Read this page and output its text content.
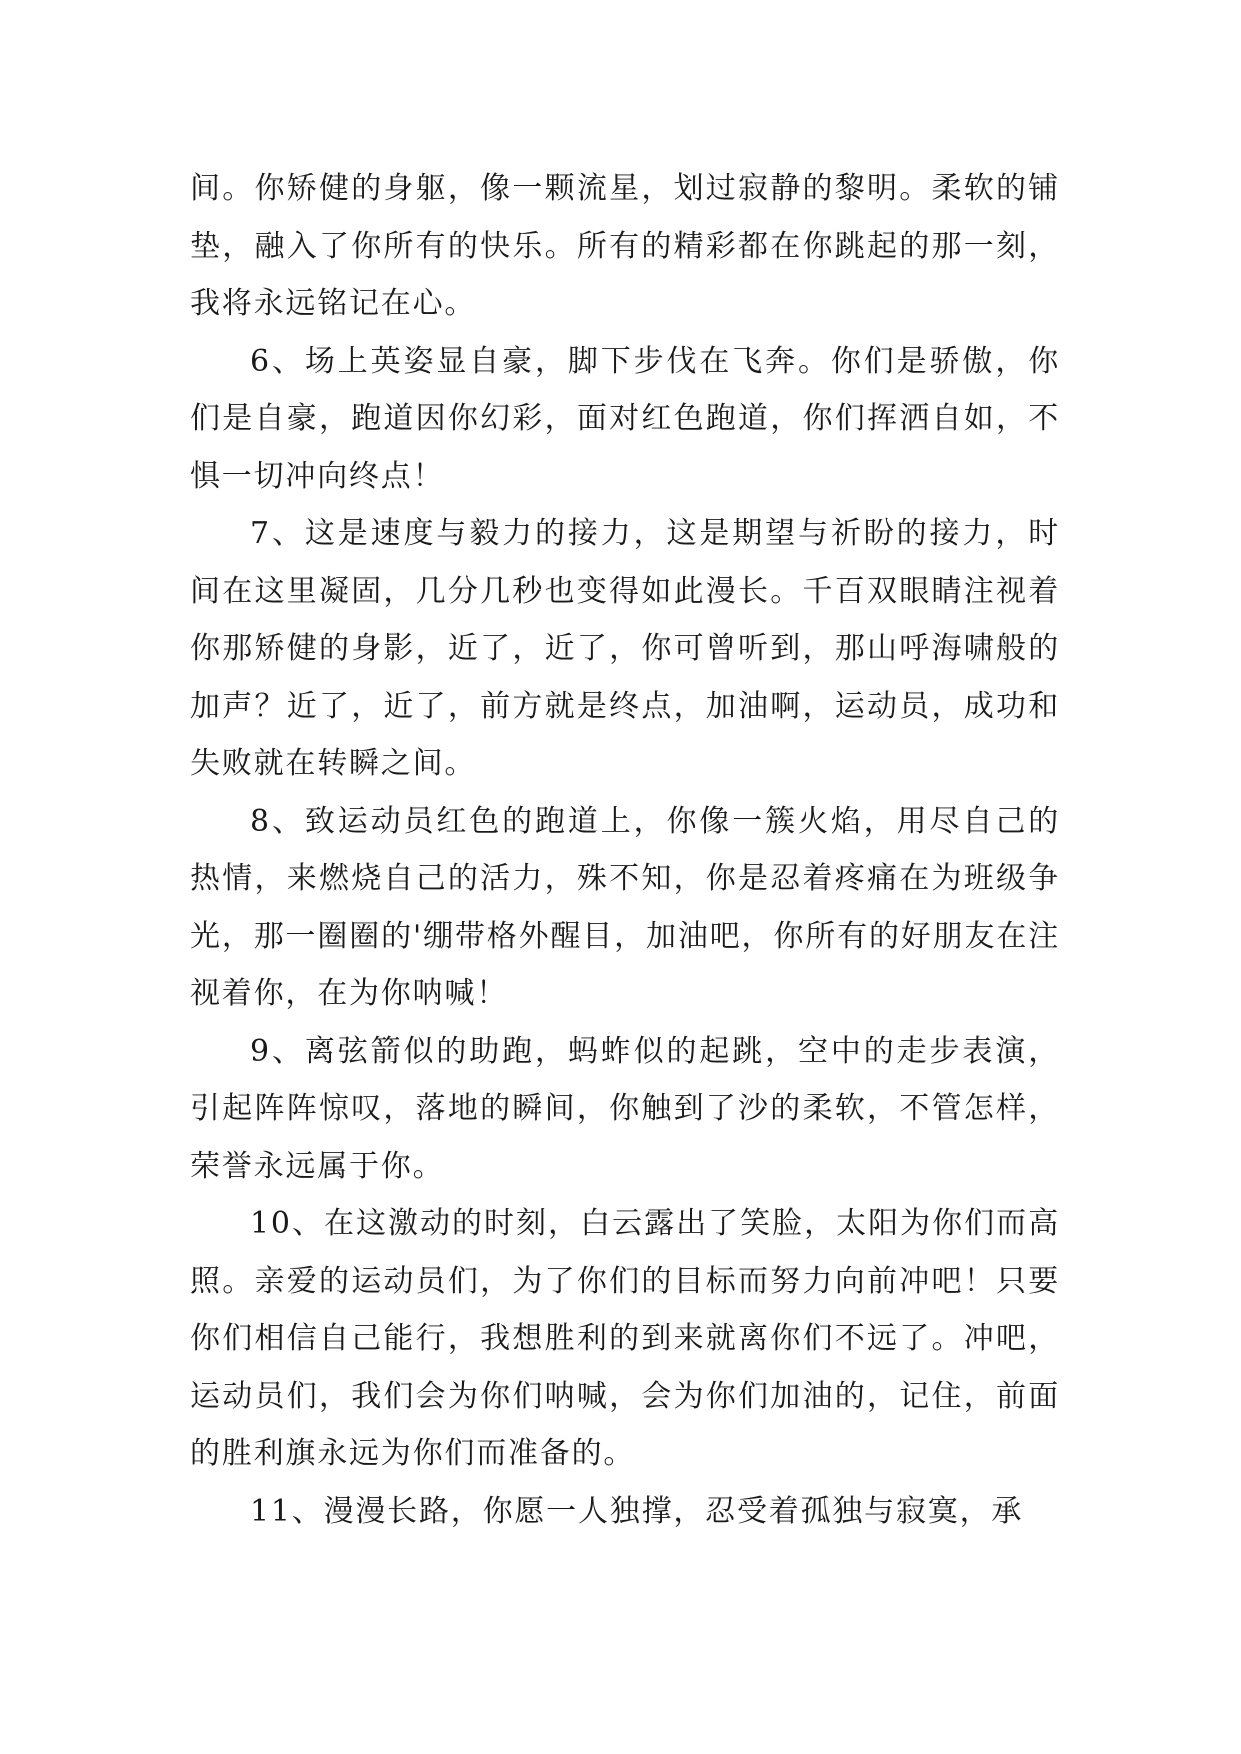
间。你矫健的身躯，像一颗流星，划过寂静的黎明。柔软的铺垫，融入了你所有的快乐。所有的精彩都在你跳起的那一刻，我将永远铭记在心。

6、场上英姿显自豪，脚下步伐在飞奔。你们是骄傲，你们是自豪，跑道因你幻彩，面对红色跑道，你们挥洒自如，不惧一切冲向终点！

7、这是速度与毅力的接力，这是期望与祈盼的接力，时间在这里凝固，几分几秒也变得如此漫长。千百双眼睛注视着你那矫健的身影，近了，近了，你可曾听到，那山呼海啸般的加声？近了，近了，前方就是终点，加油啊，运动员，成功和失败就在转瞬之间。

8、致运动员红色的跑道上，你像一簇火焰，用尽自己的热情，来燃烧自己的活力，殊不知，你是忍着疼痛在为班级争光，那一圈圈的'绷带格外醒目，加油吧，你所有的好朋友在注视着你，在为你呐喊！

9、离弦箭似的助跑，蚂蚱似的起跳，空中的走步表演，引起阵阵惊叹，落地的瞬间，你触到了沙的柔软，不管怎样，荣誉永远属于你。

10、在这激动的时刻，白云露出了笑脸，太阳为你们而高照。亲爱的运动员们，为了你们的目标而努力向前冲吧！只要你们相信自己能行，我想胜利的到来就离你们不远了。冲吧，运动员们，我们会为你们呐喊，会为你们加油的，记住，前面的胜利旗永远为你们而准备的。

11、漫漫长路，你愿一人独撑，忍受着孤独与寂寞，承
